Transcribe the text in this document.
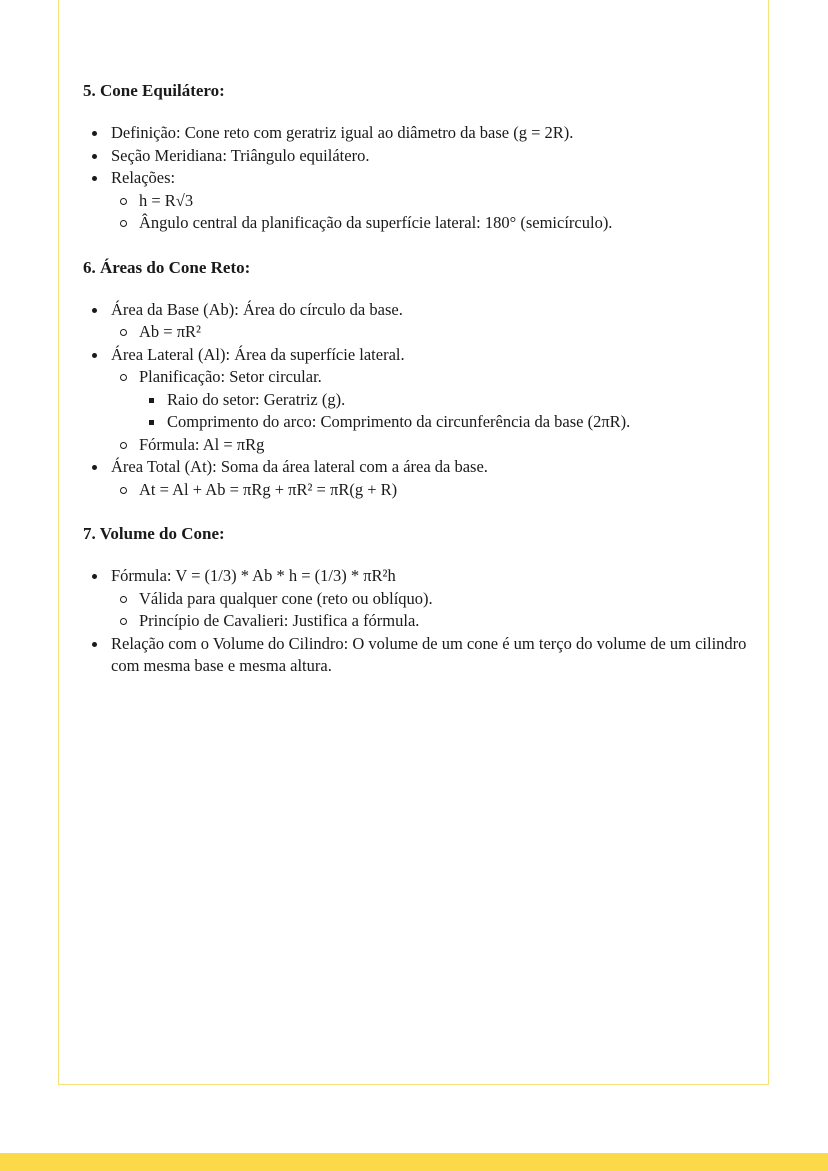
5. Cone Equilátero:
Definição: Cone reto com geratriz igual ao diâmetro da base (g = 2R).
Seção Meridiana: Triângulo equilátero.
Relações:
h = R√3
Ângulo central da planificação da superfície lateral: 180° (semicírculo).
6. Áreas do Cone Reto:
Área da Base (Ab): Área do círculo da base.
Ab = πR²
Área Lateral (Al): Área da superfície lateral.
Planificação: Setor circular.
Raio do setor: Geratriz (g).
Comprimento do arco: Comprimento da circunferência da base (2πR).
Fórmula: Al = πRg
Área Total (At): Soma da área lateral com a área da base.
At = Al + Ab = πRg + πR² = πR(g + R)
7. Volume do Cone:
Fórmula: V = (1/3) * Ab * h = (1/3) * πR²h
Válida para qualquer cone (reto ou oblíquo).
Princípio de Cavalieri: Justifica a fórmula.
Relação com o Volume do Cilindro: O volume de um cone é um terço do volume de um cilindro com mesma base e mesma altura.
